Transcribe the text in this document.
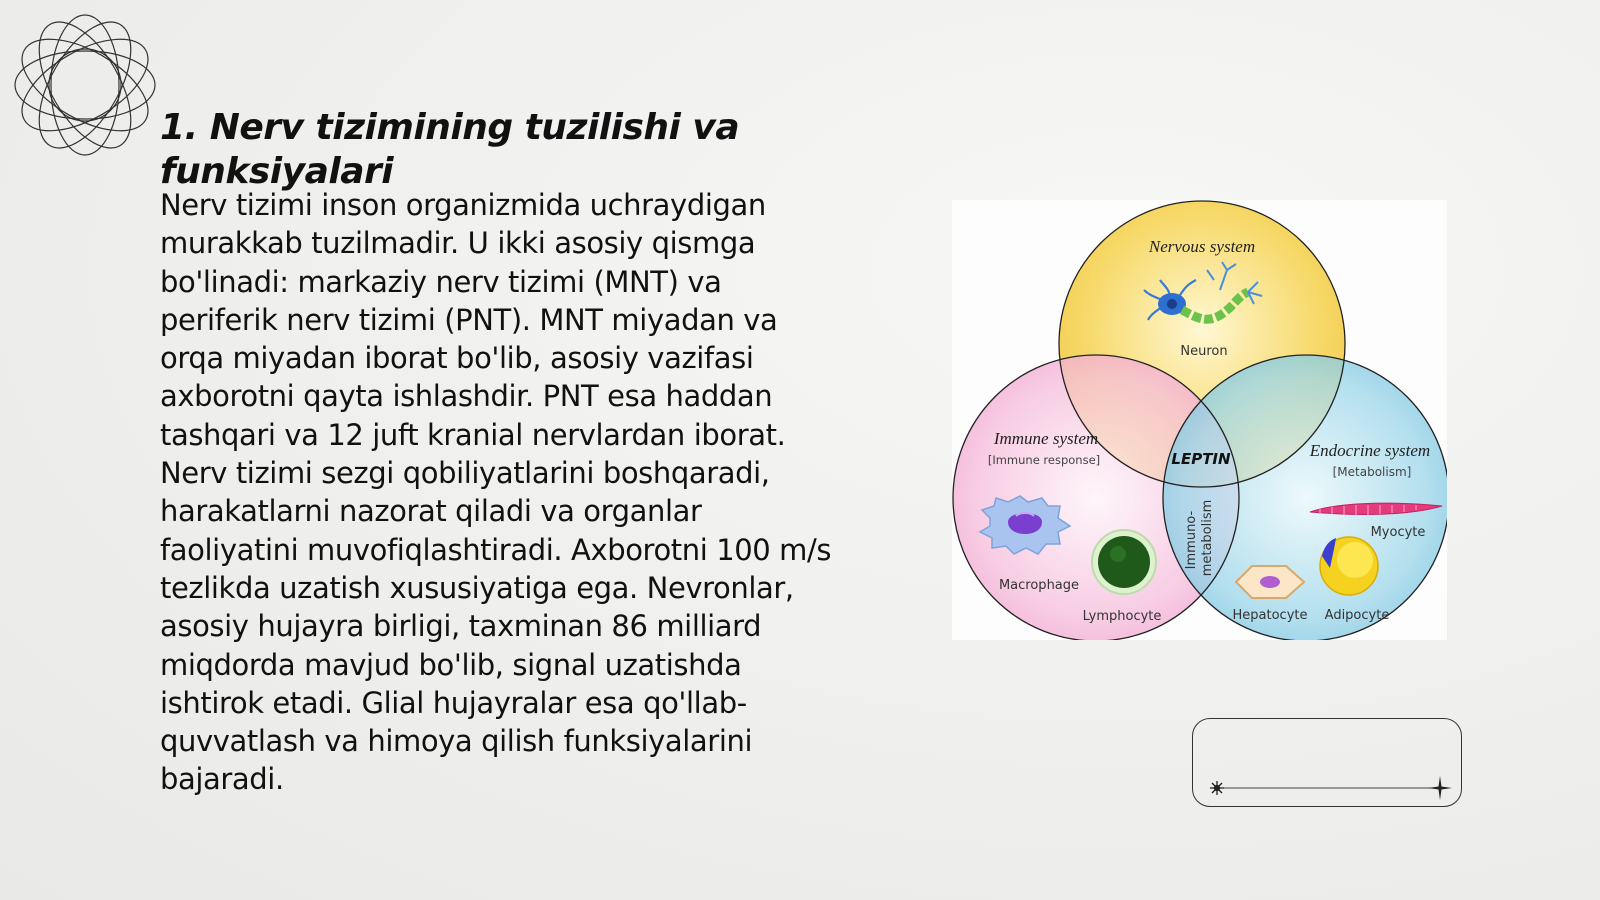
1. Nerv tizimining tuzilishi va funksiyalari

Nerv tizimi inson organizmida uchraydigan murakkab tuzilmadir. U ikki asosiy qismga bo'linadi: markaziy nerv tizimi (MNT) va periferik nerv tizimi (PNT). MNT miyadan va orqa miyadan iborat bo'lib, asosiy vazifasi axborotni qayta ishlashdir. PNT esa haddan tashqari va 12 juft kranial nervlardan iborat. Nerv tizimi sezgi qobiliyatlarini boshqaradi, harakatlarni nazorat qiladi va organlar faoliyatini muvofiqlashtiradi. Axborotni 100 m/s tezlikda uzatish xususiyatiga ega. Nevronlar, asosiy hujayra birligi, taxminan 86 milliard miqdorda mavjud bo'lib, signal uzatishda ishtirok etadi. Glial hujayralar esa qo'llab-quvvatlash va himoya qilish funksiyalarini bajaradi.

Nervous system
Neuron
Immune system
[Immune response]
Macrophage
Lymphocyte
Endocrine system
[Metabolism]
Myocyte
Hepatocyte Adipocyte
LEPTIN
Immuno- metabolism
